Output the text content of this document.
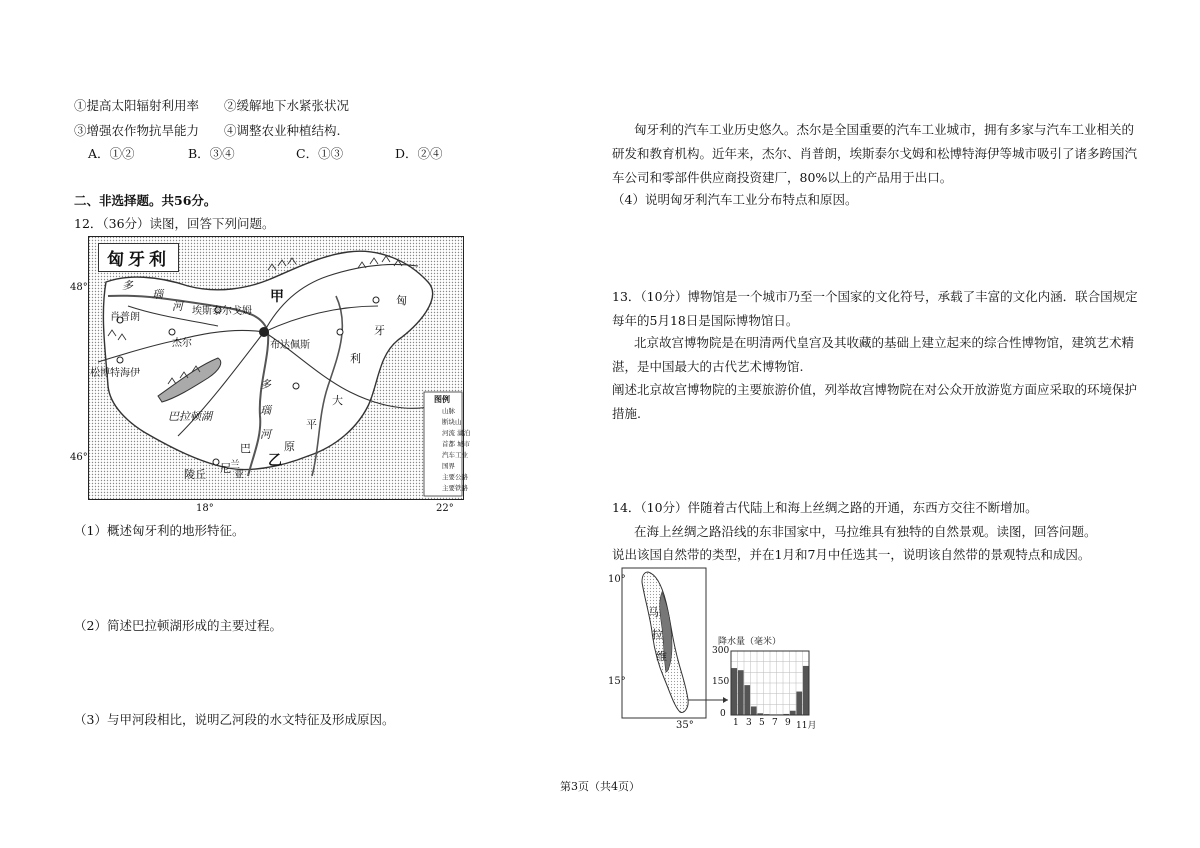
①提高太阳辐射利用率　　②缓解地下水紧张状况
③增强农作物抗旱能力　　④调整农业种植结构.
A．①②	B．③④	C．①③	D．②④
二、非选择题。共56分。
12．（36分）读图，回答下列问题。
48°
46°
18°	22°
匈牙利
多
瑙
河 埃斯泰尔戈姆
甲
肖普朗
杰尔	布达佩斯
松博特海伊
匈
牙
利
多
瑙
河
大
平
原
巴拉顿湖
巴
兰
尼
亚
陵丘
乙
图例
山脉
断块山
河流 湖泊
首都 城市
汽车工业
国界
主要公路
主要铁路
（1）概述匈牙利的地形特征。
（2）简述巴拉顿湖形成的主要过程。
（3）与甲河段相比，说明乙河段的水文特征及形成原因。
匈牙利的汽车工业历史悠久。杰尔是全国重要的汽车工业城市，拥有多家与汽车工业相关的
研发和教育机构。近年来，杰尔、肖普朗，埃斯泰尔戈姆和松博特海伊等城市吸引了诸多跨国汽
车公司和零部件供应商投资建厂，80%以上的产品用于出口。
（4）说明匈牙利汽车工业分布特点和原因。
13．（10分）博物馆是一个城市乃至一个国家的文化符号，承载了丰富的文化内涵．联合国规定
每年的5月18日是国际博物馆日。
北京故宫博物院是在明清两代皇宫及其收藏的基础上建立起来的综合性博物馆，建筑艺术精
湛，是中国最大的古代艺术博物馆.
阐述北京故宫博物院的主要旅游价值，列举故宫博物院在对公众开放游览方面应采取的环境保护
措施.
14．（10分）伴随着古代陆上和海上丝绸之路的开通，东西方交往不断增加。
在海上丝绸之路沿线的东非国家中，马拉维具有独特的自然景观。读图，回答问题。
说出该国自然带的类型，并在1月和7月中任选其一，说明该自然带的景观特点和成因。
10°
15°
35°
马
拉
维
降水量（毫米）
300
150
0
1 3 5 7 9 11月
第3页（共4页）
